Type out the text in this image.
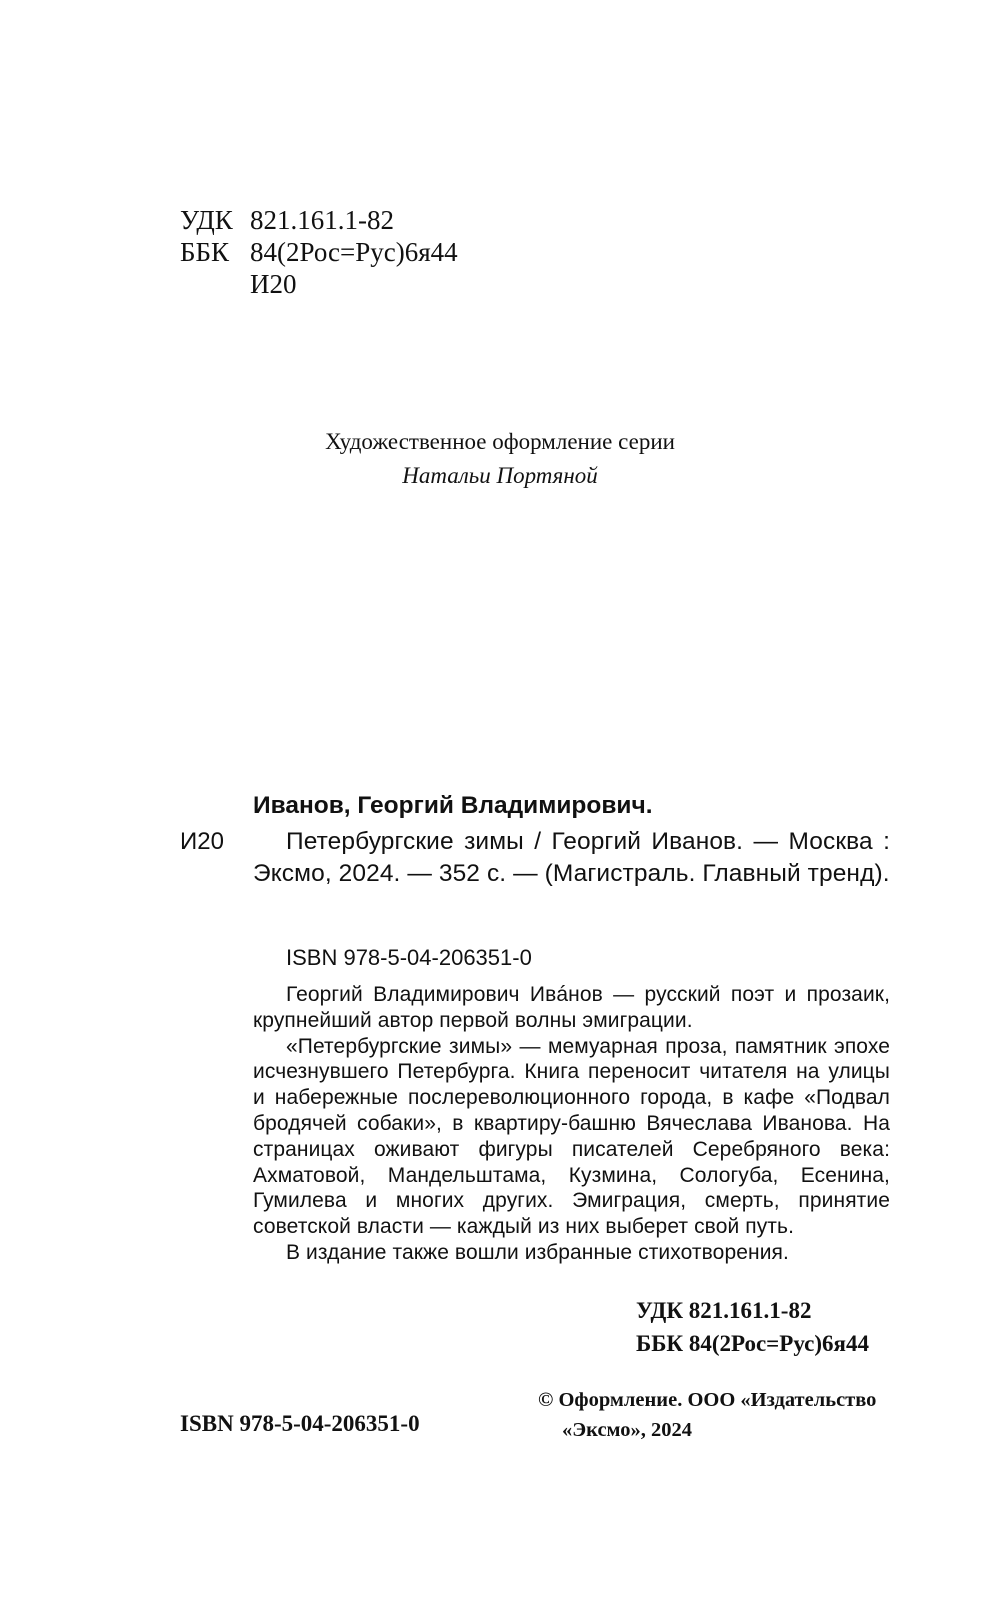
УДК 821.161.1-82
ББК 84(2Рос=Рус)6я44
И20
Художественное оформление серии
Натальи Портяной
Иванов, Георгий Владимирович.
И20	Петербургские зимы / Георгий Иванов. — Москва : Эксмо, 2024. — 352 с. — (Магистраль. Главный тренд).
ISBN 978-5-04-206351-0

Георгий Владимирович Ивáнов — русский поэт и прозаик, крупнейший автор первой волны эмиграции.

«Петербургские зимы» — мемуарная проза, памятник эпохе исчезнувшего Петербурга. Книга переносит читателя на улицы и набережные послереволюционного города, в кафе «Подвал бродячей собаки», в квартиру-башню Вячеслава Иванова. На страницах оживают фигуры писателей Серебряного века: Ахматовой, Мандельштама, Кузмина, Сологуба, Есенина, Гумилева и многих других. Эмиграция, смерть, принятие советской власти — каждый из них выберет свой путь.

В издание также вошли избранные стихотворения.

УДК 821.161.1-82
ББК 84(2Рос=Рус)6я44
ISBN 978-5-04-206351-0
© Оформление. ООО «Издательство
«Эксмо», 2024
